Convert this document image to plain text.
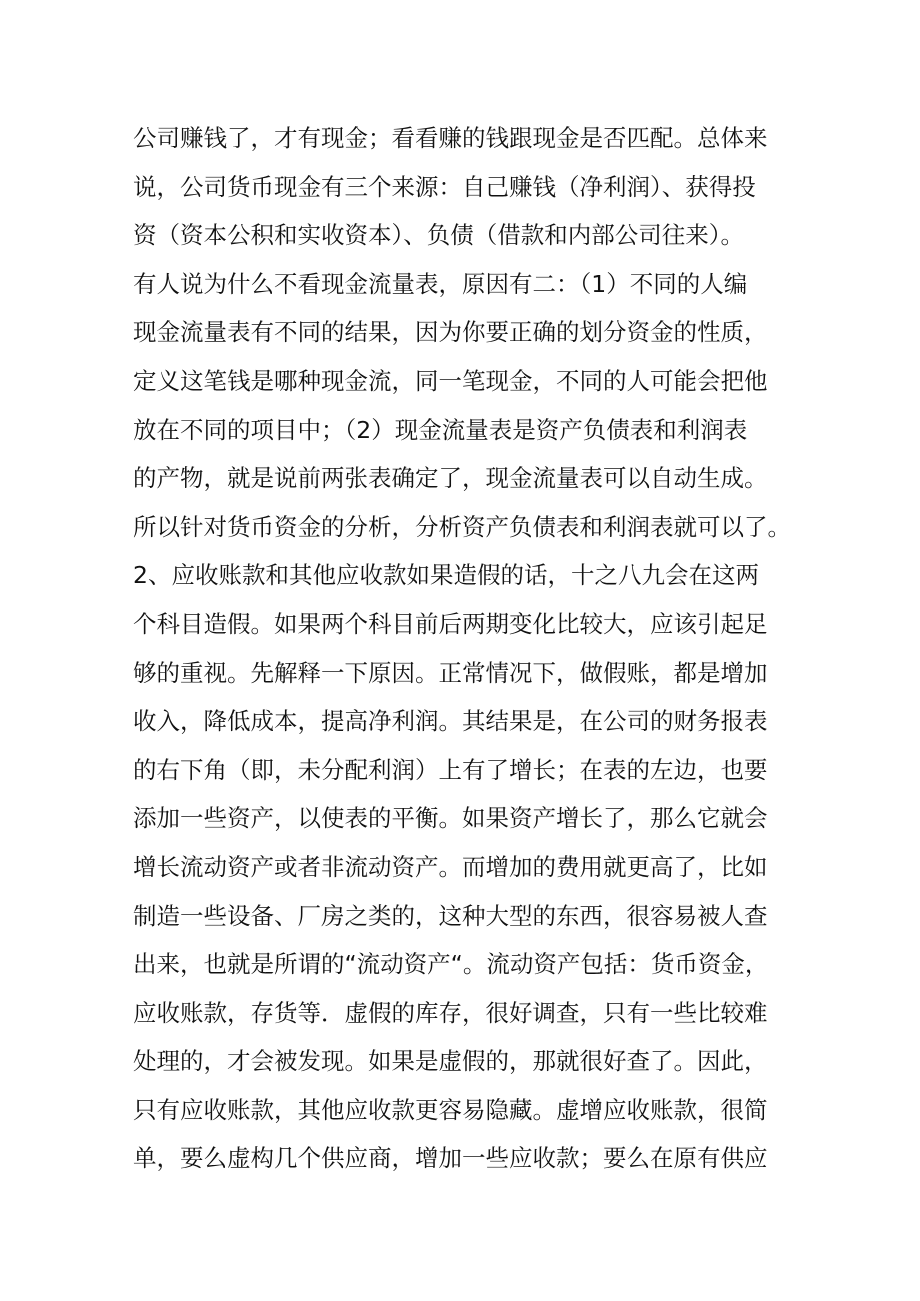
公司赚钱了，才有现金；看看赚的钱跟现金是否匹配。总体来
说，公司货币现金有三个来源：自己赚钱（净利润）、获得投
资（资本公积和实收资本）、负债（借款和内部公司往来）。
有人说为什么不看现金流量表，原因有二：（1）不同的人编
现金流量表有不同的结果，因为你要正确的划分资金的性质，
定义这笔钱是哪种现金流，同一笔现金，不同的人可能会把他
放在不同的项目中；（2）现金流量表是资产负债表和利润表
的产物，就是说前两张表确定了，现金流量表可以自动生成。
所以针对货币资金的分析，分析资产负债表和利润表就可以了。
2、应收账款和其他应收款如果造假的话，十之八九会在这两
个科目造假。如果两个科目前后两期变化比较大，应该引起足
够的重视。先解释一下原因。正常情况下，做假账，都是增加
收入，降低成本，提高净利润。其结果是，在公司的财务报表
的右下角（即，未分配利润）上有了增长；在表的左边，也要
添加一些资产，以使表的平衡。如果资产增长了，那么它就会
增长流动资产或者非流动资产。而增加的费用就更高了，比如
制造一些设备、厂房之类的，这种大型的东西，很容易被人查
出来，也就是所谓的“流动资产“。流动资产包括：货币资金，
应收账款，存货等．虚假的库存，很好调查，只有一些比较难
处理的，才会被发现。如果是虚假的，那就很好查了。因此，
只有应收账款，其他应收款更容易隐藏。虚增应收账款，很简
单，要么虚构几个供应商，增加一些应收款；要么在原有供应
